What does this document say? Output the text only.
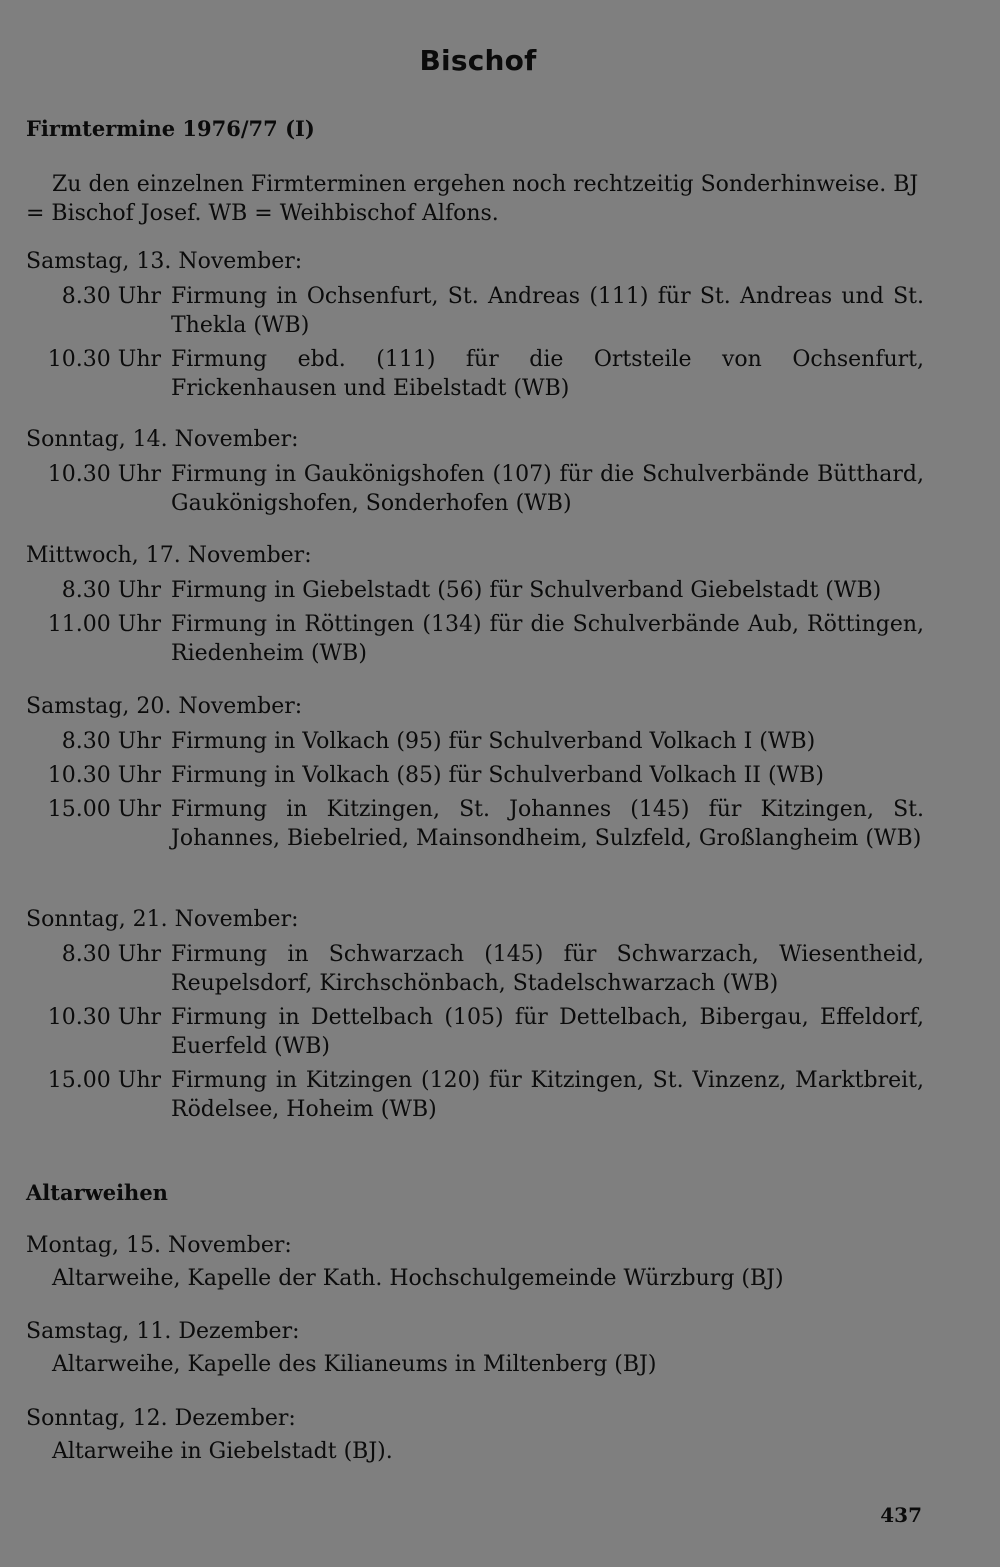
Bischof
Firmtermine 1976/77 (I)

Zu den einzelnen Firmterminen ergehen noch rechtzeitig Sonderhinweise. BJ = Bischof Josef. WB = Weihbischof Alfons.

Samstag, 13. November:
8.30 Uhr Firmung in Ochsenfurt, St. Andreas (111) für St. Andreas und St. Thekla (WB)
10.30 Uhr Firmung ebd. (111) für die Ortsteile von Ochsenfurt, Frickenhausen und Eibelstadt (WB)
Sonntag, 14. November:
10.30 Uhr Firmung in Gaukönigshofen (107) für die Schulverbände Bütthard, Gaukönigshofen, Sonderhofen (WB)
Mittwoch, 17. November:
8.30 Uhr Firmung in Giebelstadt (56) für Schulverband Giebelstadt (WB)
11.00 Uhr Firmung in Röttingen (134) für die Schulverbände Aub, Röttingen, Riedenheim (WB)
Samstag, 20. November:
8.30 Uhr Firmung in Volkach (95) für Schulverband Volkach I (WB)
10.30 Uhr Firmung in Volkach (85) für Schulverband Volkach II (WB)
15.00 Uhr Firmung in Kitzingen, St. Johannes (145) für Kitzingen, St. Johannes, Biebelried, Mainsondheim, Sulzfeld, Großlangheim (WB)
Sonntag, 21. November:
8.30 Uhr Firmung in Schwarzach (145) für Schwarzach, Wiesentheid, Reupelsdorf, Kirchschönbach, Stadelschwarzach (WB)
10.30 Uhr Firmung in Dettelbach (105) für Dettelbach, Bibergau, Effeldorf, Euerfeld (WB)
15.00 Uhr Firmung in Kitzingen (120) für Kitzingen, St. Vinzenz, Marktbreit, Rödelsee, Hoheim (WB)
Altarweihen
Montag, 15. November:
Altarweihe, Kapelle der Kath. Hochschulgemeinde Würzburg (BJ)
Samstag, 11. Dezember:
Altarweihe, Kapelle des Kilianeums in Miltenberg (BJ)
Sonntag, 12. Dezember:
Altarweihe in Giebelstadt (BJ).
437
